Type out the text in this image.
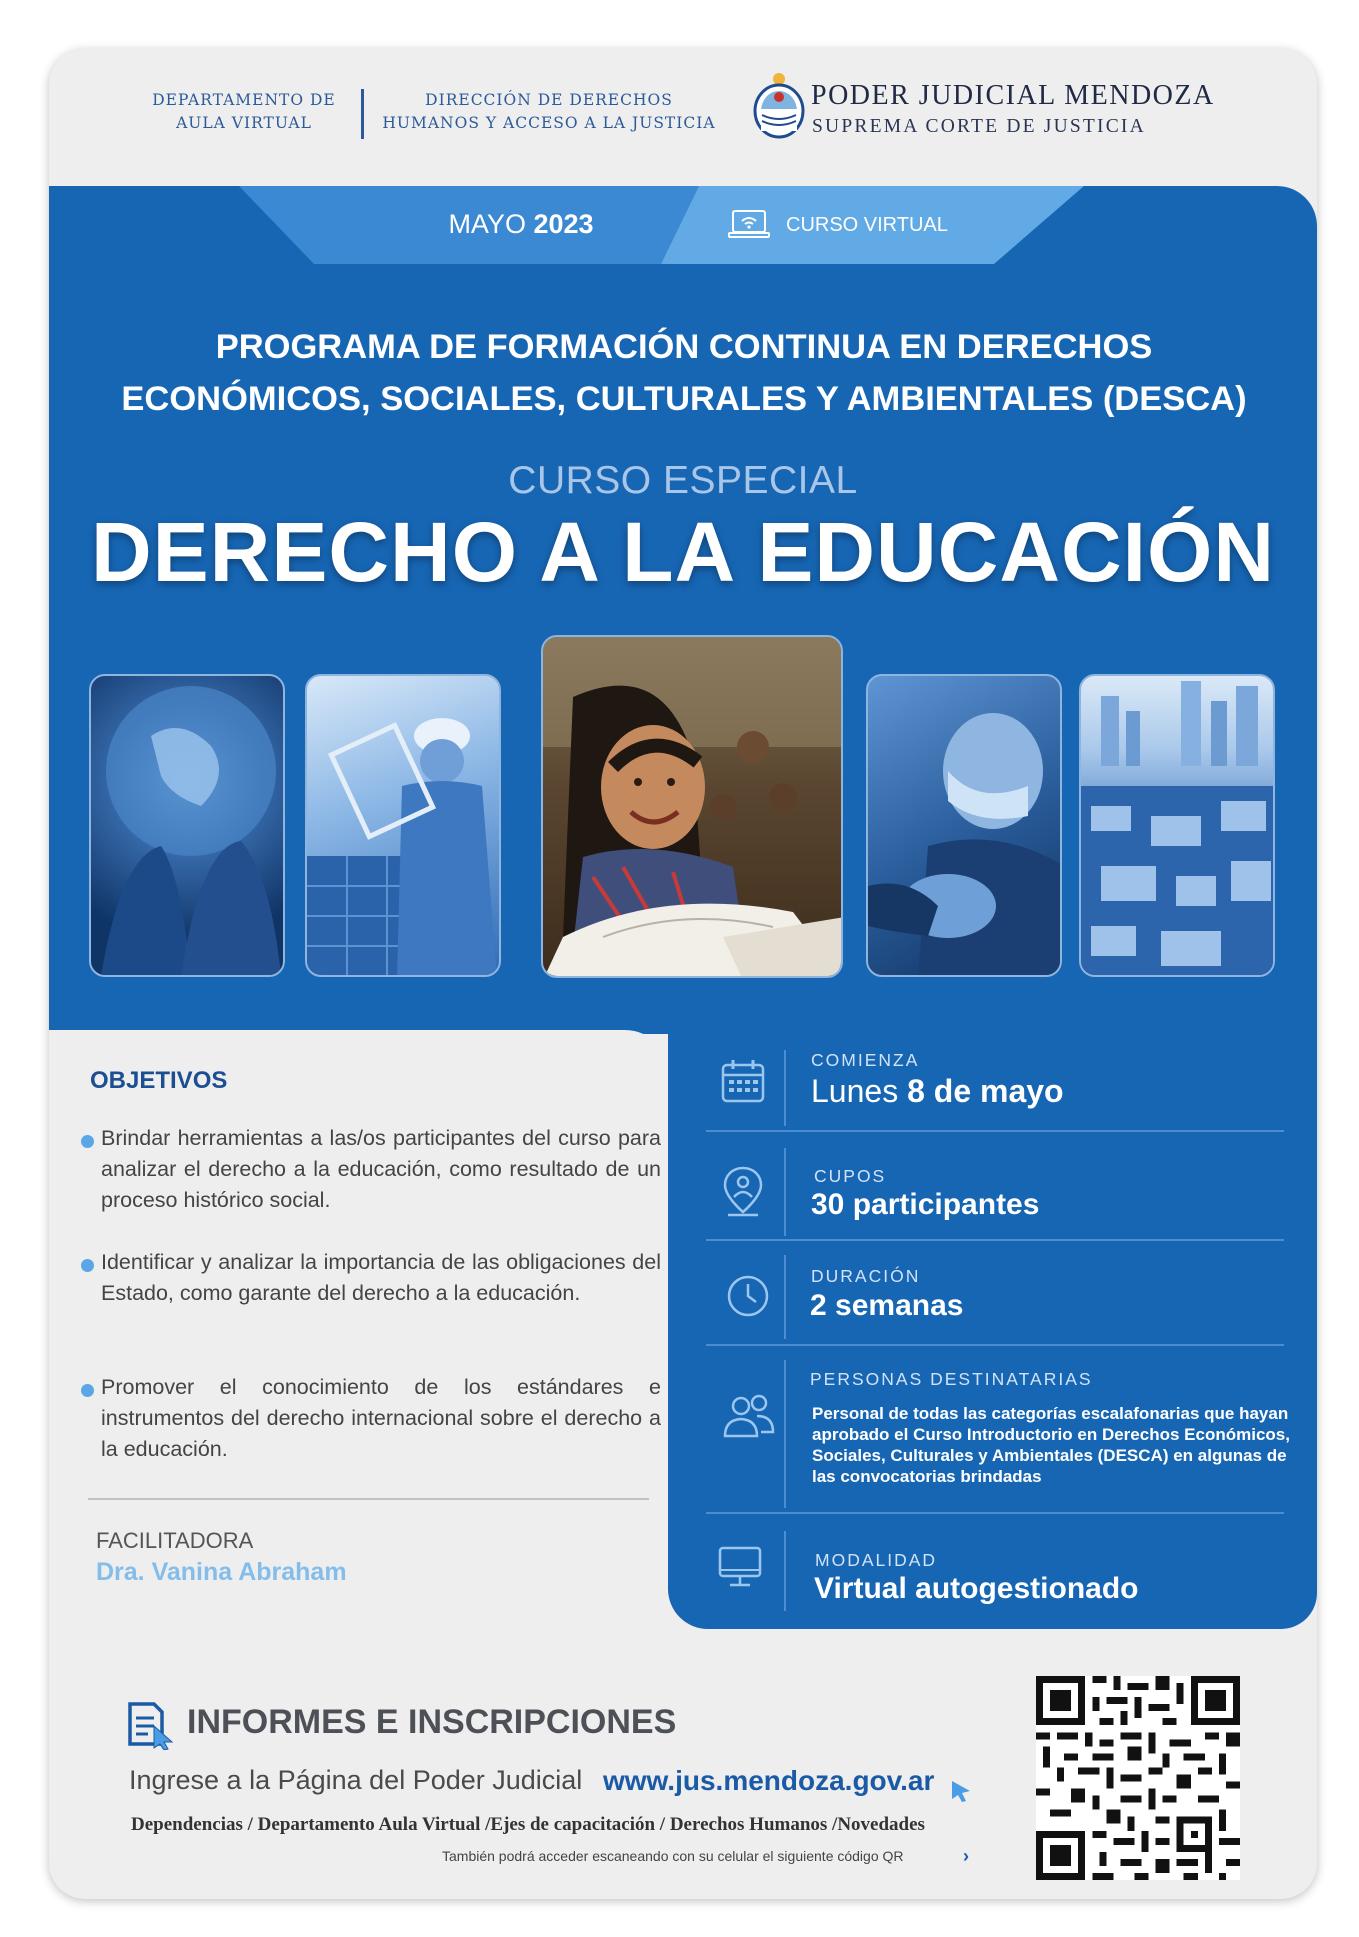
DEPARTAMENTO DE
AULA VIRTUAL
DIRECCIÓN DE DERECHOS
HUMANOS Y ACCESO A LA JUSTICIA
PODER JUDICIAL MENDOZA
SUPREMA CORTE DE JUSTICIA
MAYO 2023	CURSO VIRTUAL
PROGRAMA DE FORMACIÓN CONTINUA EN DERECHOS
ECONÓMICOS, SOCIALES, CULTURALES Y AMBIENTALES (DESCA)
CURSO ESPECIAL
DERECHO A LA EDUCACIÓN
OBJETIVOS
Brindar herramientas a las/os participantes del curso para analizar el derecho a la educación, como resultado de un proceso histórico social.
Identificar y analizar la importancia de las obligaciones del Estado, como garante del derecho a la educación.
Promover el conocimiento de los estándares e instrumentos del derecho internacional sobre el derecho a la educación.
FACILITADORA
Dra. Vanina Abraham
COMIENZA
Lunes 8 de mayo
CUPOS
30 participantes
DURACIÓN
2 semanas
PERSONAS DESTINATARIAS
Personal de todas las categorías escalafonarias que hayan aprobado el Curso Introductorio en Derechos Económicos, Sociales, Culturales y Ambientales (DESCA) en algunas de las convocatorias brindadas
MODALIDAD
Virtual autogestionado
INFORMES E INSCRIPCIONES
Ingrese a la Página del Poder Judicial www.jus.mendoza.gov.ar
Dependencias / Departamento Aula Virtual /Ejes de capacitación / Derechos Humanos /Novedades
También podrá acceder escaneando con su celular el siguiente código QR	›
